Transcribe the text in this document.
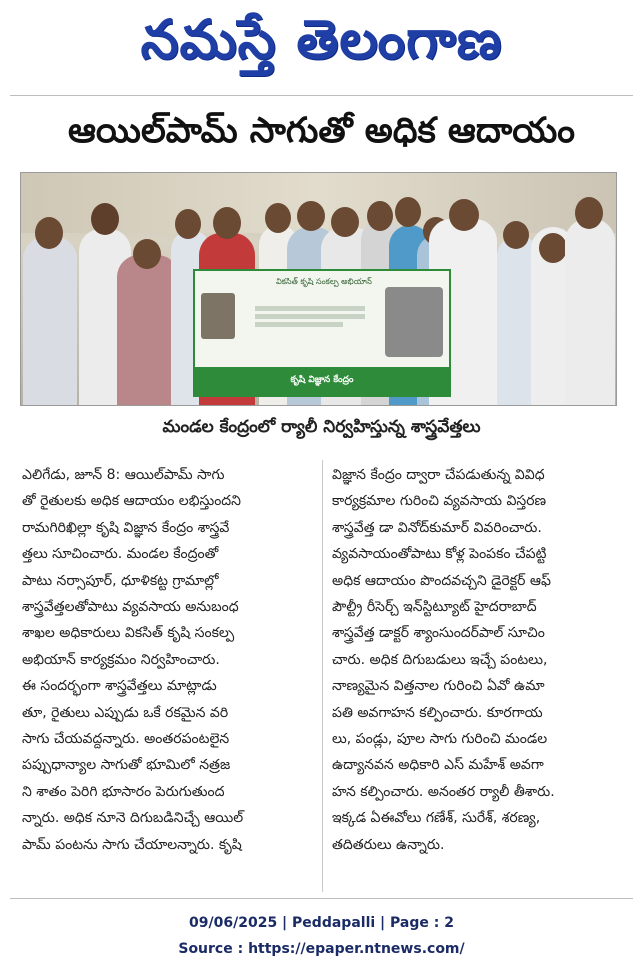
నమస్తే తెలంగాణ
ఆయిల్‌పామ్ సాగుతో అధిక ఆదాయం
వికసిత్ కృషి సంకల్ప అభియాన్
కృషి విజ్ఞాన కేంద్రం
మండల కేంద్రంలో ర్యాలీ నిర్వహిస్తున్న శాస్త్రవేత్తలు

ఎలిగేడు, జూన్ 8: ఆయిల్‌పామ్ సాగు

తో రైతులకు అధిక ఆదాయం లభిస్తుందని

రామగిరిఖిల్లా కృషి విజ్ఞాన కేంద్రం శాస్త్రవే

త్తలు సూచించారు. మండల కేంద్రంతో

పాటు నర్సాపూర్, ధూళికట్ట గ్రామాల్లో

శాస్త్రవేత్తలతోపాటు వ్యవసాయ అనుబంధ

శాఖల అధికారులు వికసిత్ కృషి సంకల్ప

అభియాన్ కార్యక్రమం నిర్వహించారు.

ఈ సందర్భంగా శాస్త్రవేత్తలు మాట్లాడు

తూ, రైతులు ఎప్పుడు ఒకే రకమైన వరి

సాగు చేయవద్దన్నారు. అంతరపంటలైన

పప్పుధాన్యాల సాగుతో భూమిలో నత్రజ

ని శాతం పెరిగి భూసారం పెరుగుతుంద

న్నారు. అధిక నూనె దిగుబడినిచ్చే ఆయిల్

పామ్ పంటను సాగు చేయాలన్నారు. కృషి

విజ్ఞాన కేంద్రం ద్వారా చేపడుతున్న వివిధ

కార్యక్రమాల గురించి వ్యవసాయ విస్తరణ

శాస్త్రవేత్త డా వినోద్‌కుమార్ వివరించారు.

వ్యవసాయంతోపాటు కోళ్ల పెంపకం చేపట్టి

అధిక ఆదాయం పొందవచ్చని డైరెక్టర్ ఆఫ్

పౌల్ట్రీ రీసెర్చ్ ఇన్‌స్టిట్యూట్ హైదరాబాద్

శాస్త్రవేత్త డాక్టర్ శ్యాంసుందర్‌పాల్ సూచిం

చారు. అధిక దిగుబడులు ఇచ్చే పంటలు,

నాణ్యమైన విత్తనాల గురించి ఏవో ఉమా

పతి అవగాహన కల్పించారు. కూరగాయ

లు, పండ్లు, పూల సాగు గురించి మండల

ఉద్యానవన అధికారి ఎస్ మహేశ్ అవగా

హన కల్పించారు. అనంతర ర్యాలీ తీశారు.

ఇక్కడ ఏఈవోలు గణేశ్, సురేశ్, శరణ్య,

తదితరులు ఉన్నారు.

09/06/2025 | Peddapalli | Page : 2
Source : https://epaper.ntnews.com/
